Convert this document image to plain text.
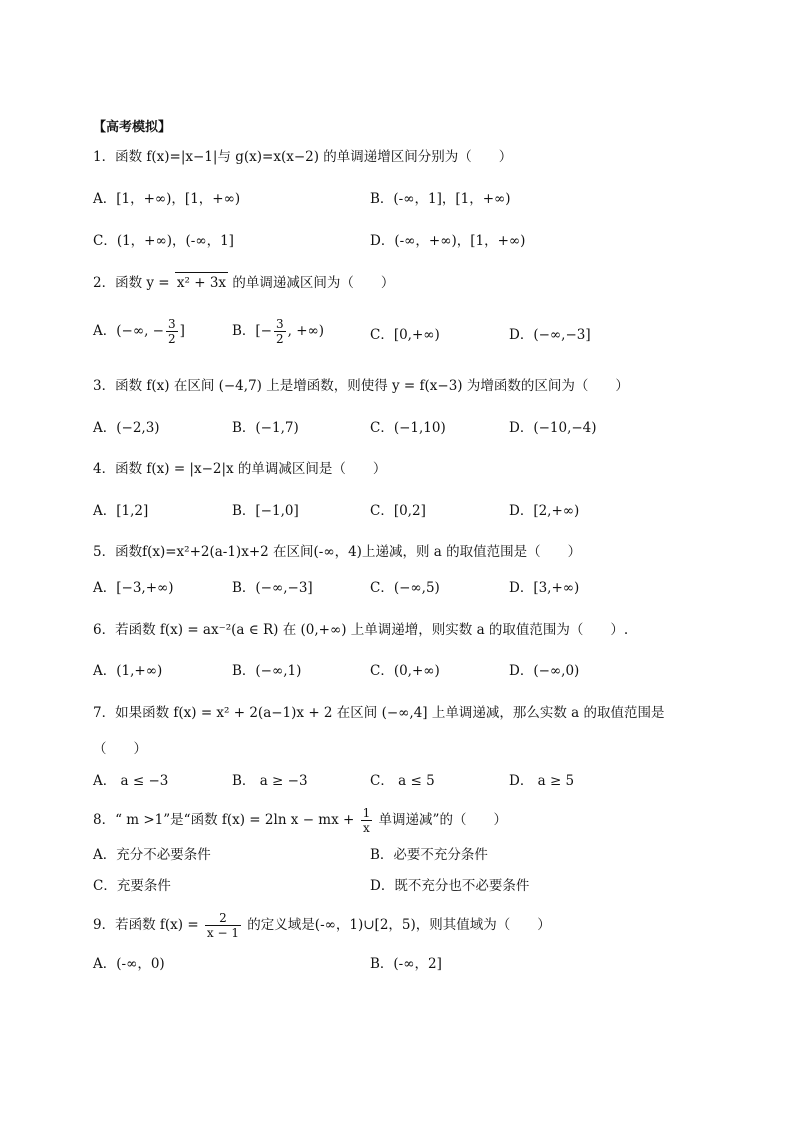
【高考模拟】
1．函数 f(x)=|x−1|与 g(x)=x(x−2) 的单调递增区间分别为（　　）
A．[1，+∞)，[1，+∞)	B．(-∞，1]，[1，+∞)
C．(1，+∞)，(-∞，1]	D．(-∞，+∞)，[1，+∞)
2．函数 y = x² + 3x 的单调递减区间为（　　）
A．(−∞, − $\frac{3}{2}$ ]	B．[− $\frac{3}{2}$ , +∞)	C．[0,+∞)	D．(−∞,−3]
3．函数 f(x) 在区间 (−4,7) 上是增函数，则使得 y = f(x−3) 为增函数的区间为（　　）
A．(−2,3)	B．(−1,7)	C．(−1,10)	D．(−10,−4)
4．函数 f(x) = |x−2|x 的单调减区间是（　　）
A．[1,2]	B．[−1,0]	C．[0,2]	D．[2,+∞)
5．函数f(x)=x²+2(a-1)x+2 在区间(-∞，4)上递减，则 a 的取值范围是（　　）
A．[−3,+∞)	B．(−∞,−3]	C．(−∞,5)	D．[3,+∞)
6．若函数 f(x) = ax⁻²(a ∈ R) 在 (0,+∞) 上单调递增，则实数 a 的取值范围为（　　）.
A．(1,+∞)	B．(−∞,1)	C．(0,+∞)	D．(−∞,0)
7．如果函数 f(x) = x² + 2(a−1)x + 2 在区间 (−∞,4] 上单调递减，那么实数 a 的取值范围是
（　　）
A． a ≤ −3	B． a ≥ −3	C． a ≤ 5	D． a ≥ 5
8．“ m >1”是“函数 f(x) = 2ln x − mx + $\frac{1}{x}$ 单调递减”的（　　）
A．充分不必要条件	B．必要不充分条件
C．充要条件	D．既不充分也不必要条件
9．若函数 $f(x) = \frac{2}{x - 1}$ 的定义域是(-∞，1)∪[2，5)，则其值域为（　　）
A．(-∞，0)	B．(-∞，2]
